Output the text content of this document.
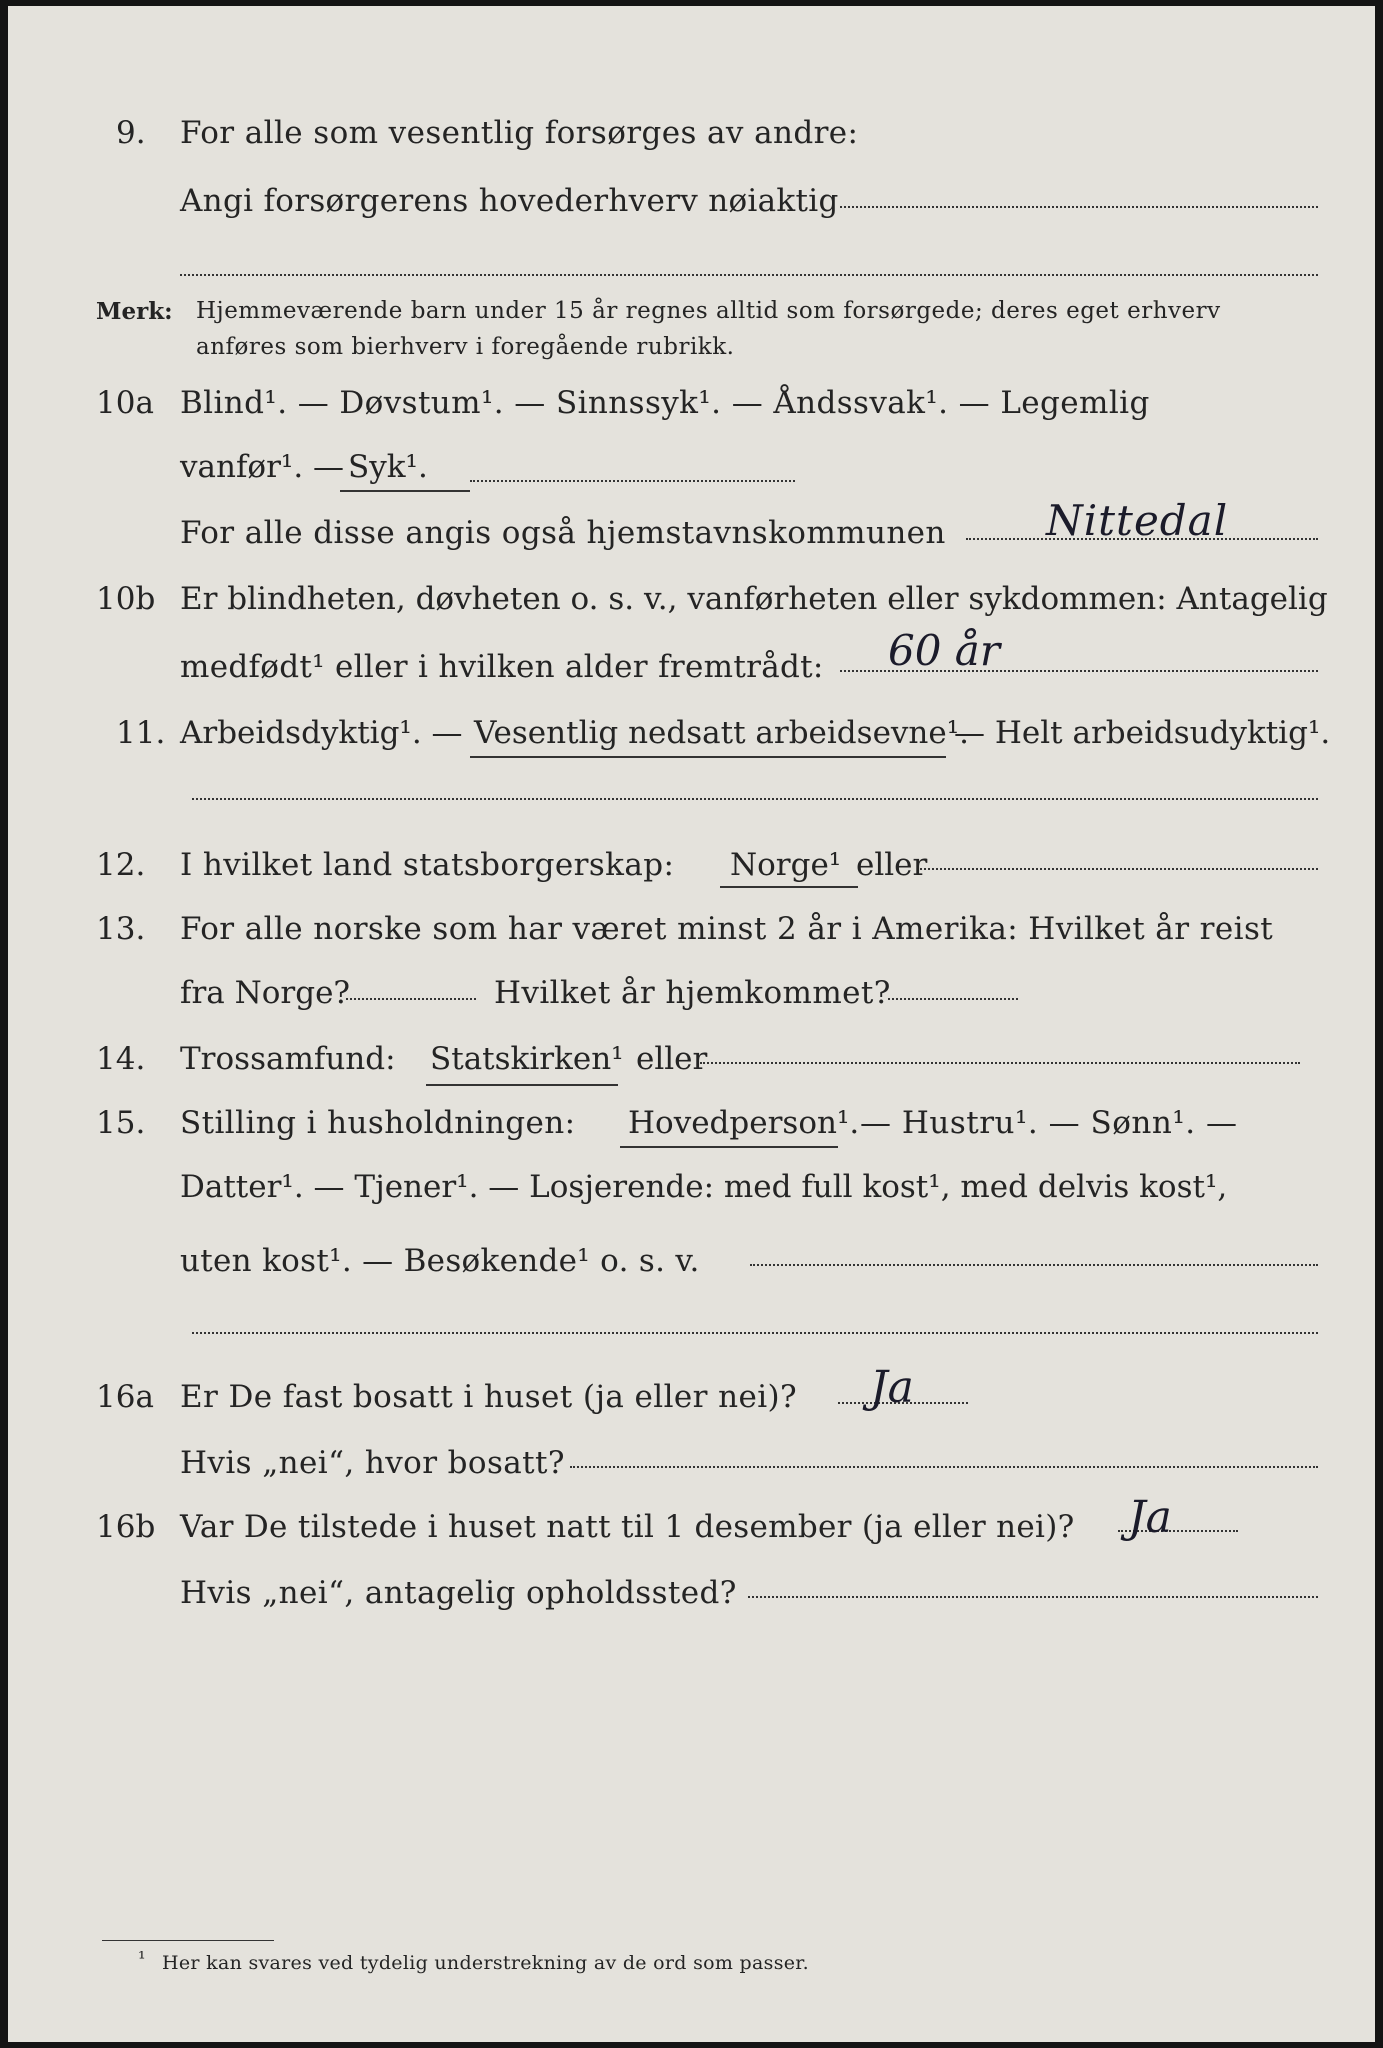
9. For alle som vesentlig forsørges av andre:
Angi forsørgerens hovederhverv nøiaktig
Merk: Hjemmeværende barn under 15 år regnes alltid som forsørgede; deres eget erhverv
anføres som bierhverv i foregående rubrikk.
10a Blind¹. — Døvstum¹. — Sinnssyk¹. — Åndssvak¹. — Legemlig
vanfør¹. — Syk¹.
For alle disse angis også hjemstavnskommunen Nittedal
10b Er blindheten, døvheten o. s. v., vanførheten eller sykdommen: Antagelig
medfødt¹ eller i hvilken alder fremtrådt: 60 år
11. Arbeidsdyktig¹. — Vesentlig nedsatt arbeidsevne¹.
— Helt arbeidsudyktig¹.
12. I hvilket land statsborgerskap: Norge¹ eller
13. For alle norske som har været minst 2 år i Amerika: Hvilket år reist
fra Norge?	Hvilket år hjemkommet?
14. Trossamfund: Statskirken¹ eller
15. Stilling i husholdningen: Hovedperson¹. — Hustru¹. — Sønn¹. —
Datter¹. — Tjener¹. — Losjerende: med full kost¹, med delvis kost¹,
uten kost¹. — Besøkende¹ o. s. v.
16a Er De fast bosatt i huset (ja eller nei)? Ja
Hvis „nei“, hvor bosatt?
16b Var De tilstede i huset natt til 1 desember (ja eller nei)? Ja
Hvis „nei“, antagelig opholdssted?
¹ Her kan svares ved tydelig understrekning av de ord som passer.
